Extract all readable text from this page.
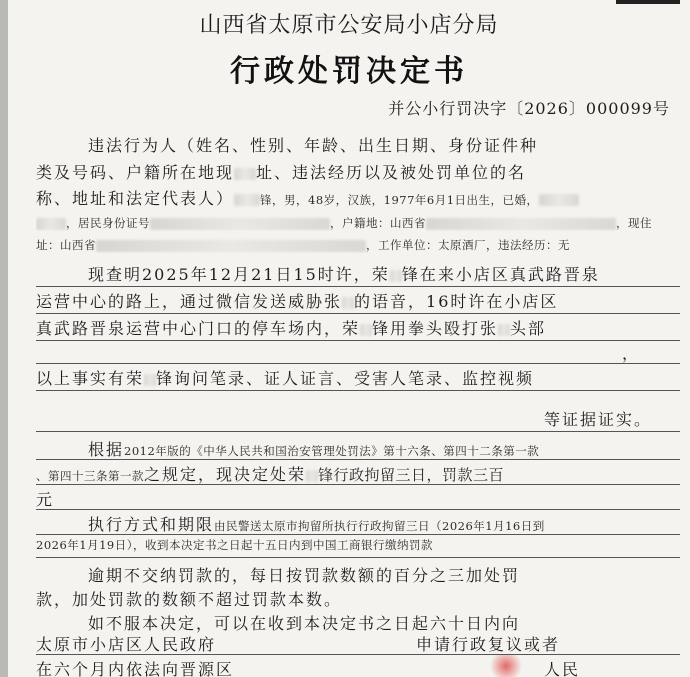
山西省太原市公安局小店分局
行政处罚决定书
并公小行罚决字〔2026〕000099号
违法行为人（姓名、性别、年龄、出生日期、身份证件种
类及号码、户籍所在地现 址、违法经历以及被处罚单位的名
称、地址和法定代表人） 锋，男，48岁，汉族，1977年6月1日出生，已婚，
，居民身份证号	，户籍地：山西省	，现住
址：山西省	，工作单位：太原酒厂，违法经历：无
现查明2025年12月21日15时许，荣 锋在来小店区真武路晋泉
运营中心的路上，通过微信发送威胁张 的语音，16时许在小店区
真武路晋泉运营中心门口的停车场内，荣 锋用拳头殴打张 头部
，
以上事实有荣 锋询问笔录、证人证言、受害人笔录、监控视频
等证据证实。
根据2012年版的《中华人民共和国治安管理处罚法》第十六条、第四十二条第一款
、第四十三条第一款之规定，现决定处荣 锋行政拘留三日，罚款三百
元
执行方式和期限由民警送太原市拘留所执行行政拘留三日（2026年1月16日到
2026年1月19日），收到本决定书之日起十五日内到中国工商银行缴纳罚款
逾期不交纳罚款的，每日按罚款数额的百分之三加处罚
款，加处罚款的数额不超过罚款本数。
如不服本决定，可以在收到本决定书之日起六十日内向
太原市小店区人民政府	申请行政复议或者
在六个月内依法向晋源区	人民
